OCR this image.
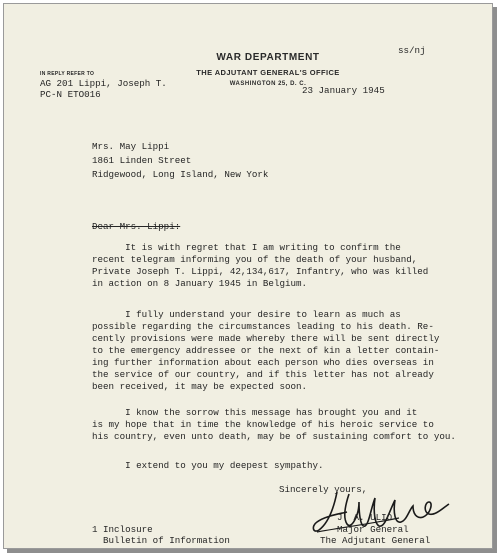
WAR DEPARTMENT
THE ADJUTANT GENERAL'S OFFICE
WASHINGTON 25, D. C.
ss/nj
IN REPLY REFER TO
AG 201 Lippi, Joseph T.
PC-N ETO016	23 January 1945
Mrs. May Lippi
1861 Linden Street
Ridgewood, Long Island, New York
Dear Mrs. Lippi:
It is with regret that I am writing to confirm the
recent telegram informing you of the death of your husband,
Private Joseph T. Lippi, 42,134,617, Infantry, who was killed
in action on 8 January 1945 in Belgium.
I fully understand your desire to learn as much as
possible regarding the circumstances leading to his death. Re-
cently provisions were made whereby there will be sent directly
to the emergency addressee or the next of kin a letter contain-
ing further information about each person who dies overseas in
the service of our country, and if this letter has not already
been received, it may be expected soon.
I know the sorrow this message has brought you and it
is my hope that in time the knowledge of his heroic service to
his country, even unto death, may be of sustaining comfort to you.
I extend to you my deepest sympathy.
Sincerely yours,
J. A. ULIO
Major General
The Adjutant General
1 Inclosure
Bulletin of Information
